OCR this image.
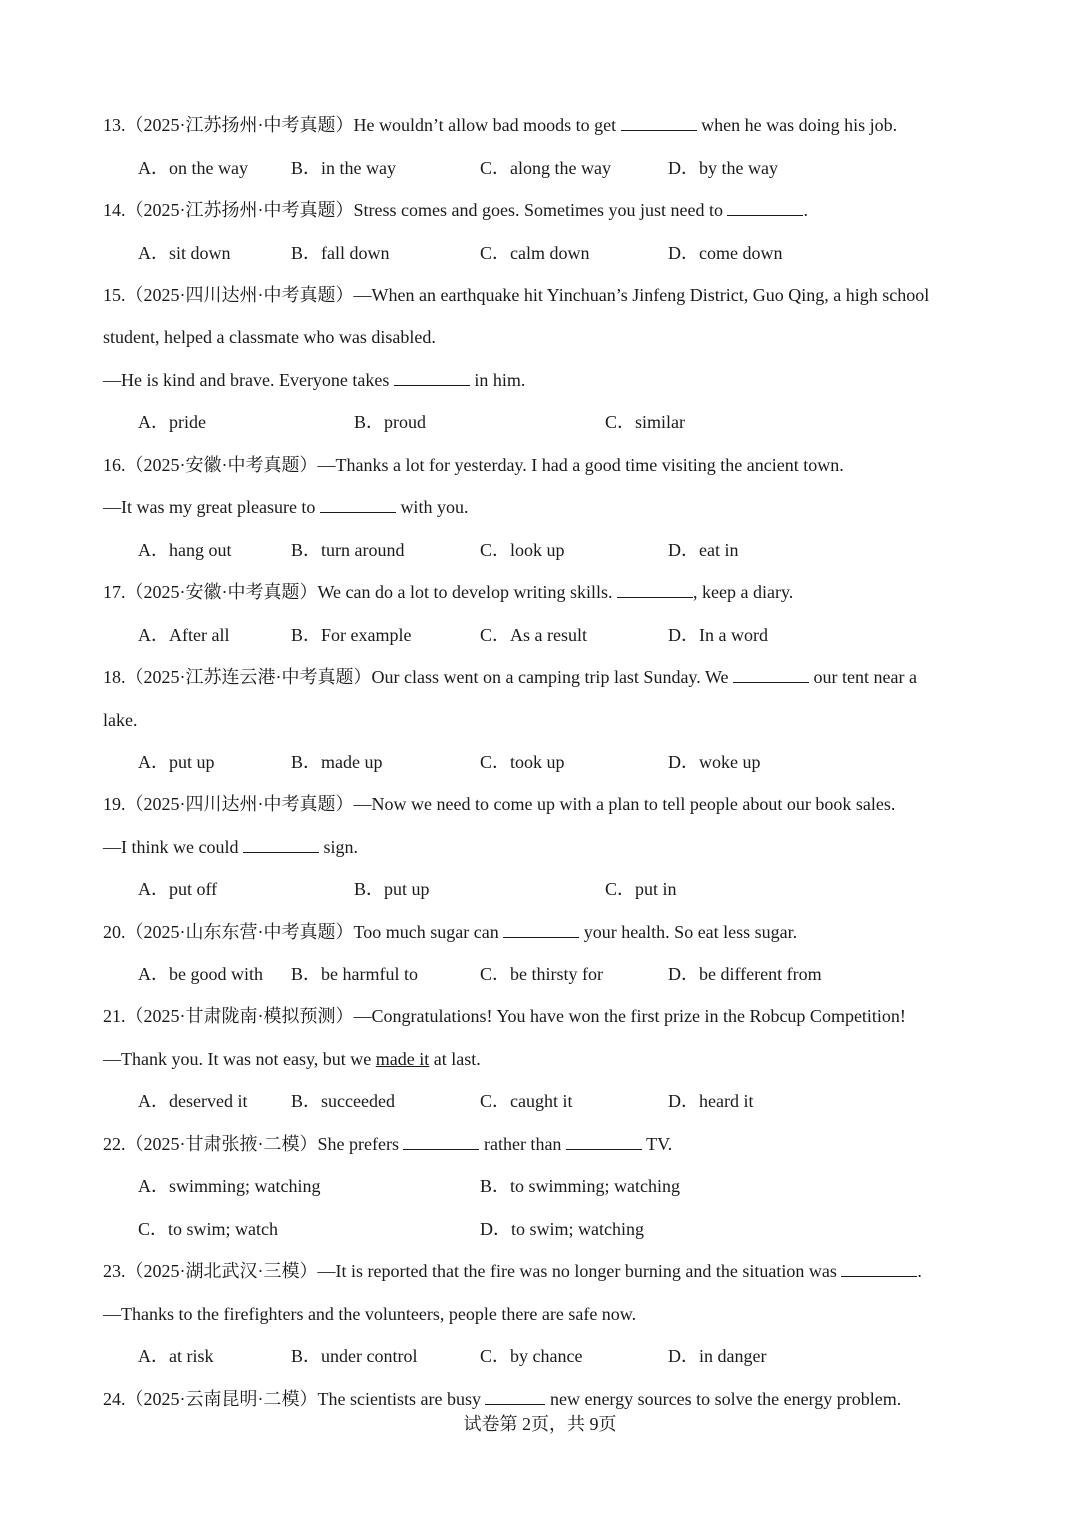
13.（2025·江苏扬州·中考真题）He wouldn’t allow bad moods to get	when he was doing his job.
A．on the way B．in the way	C．along the way	D．by the way
14.（2025·江苏扬州·中考真题）Stress comes and goes. Sometimes you just need to	.
A．sit down	B．fall down	C．calm down	D．come down
15.（2025·四川达州·中考真题）—When an earthquake hit Yinchuan’s Jinfeng District, Guo Qing, a high school
student, helped a classmate who was disabled.
—He is kind and brave. Everyone takes	in him.
A．pride	B．proud	C．similar
16.（2025·安徽·中考真题）—Thanks a lot for yesterday. I had a good time visiting the ancient town.
—It was my great pleasure to	with you.
A．hang out	B．turn around	C．look up	D．eat in
17.（2025·安徽·中考真题）We can do a lot to develop writing skills.	, keep a diary.
A．After all	B．For example	C．As a result	D．In a word
18.（2025·江苏连云港·中考真题）Our class went on a camping trip last Sunday. We	our tent near a
lake.
A．put up	B．made up	C．took up	D．woke up
19.（2025·四川达州·中考真题）—Now we need to come up with a plan to tell people about our book sales.
—I think we could	sign.
A．put off	B．put up	C．put in
20.（2025·山东东营·中考真题）Too much sugar can	your health. So eat less sugar.
A．be good with B．be harmful to	C．be thirsty for	D．be different from
21.（2025·甘肃陇南·模拟预测）—Congratulations! You have won the first prize in the Robcup Competition!
—Thank you. It was not easy, but we made it at last.
A．deserved it B．succeeded	C．caught it	D．heard it
22.（2025·甘肃张掖·二模）She prefers	rather than	TV.
A．swimming; watching	B．to swimming; watching
C．to swim; watch	D．to swim; watching
23.（2025·湖北武汉·三模）—It is reported that the fire was no longer burning and the situation was	.
—Thanks to the firefighters and the volunteers, people there are safe now.
A．at risk	B．under control	C．by chance	D．in danger
24.（2025·云南昆明·二模）The scientists are busy	new energy sources to solve the energy problem.
试卷第 2页，共 9页
